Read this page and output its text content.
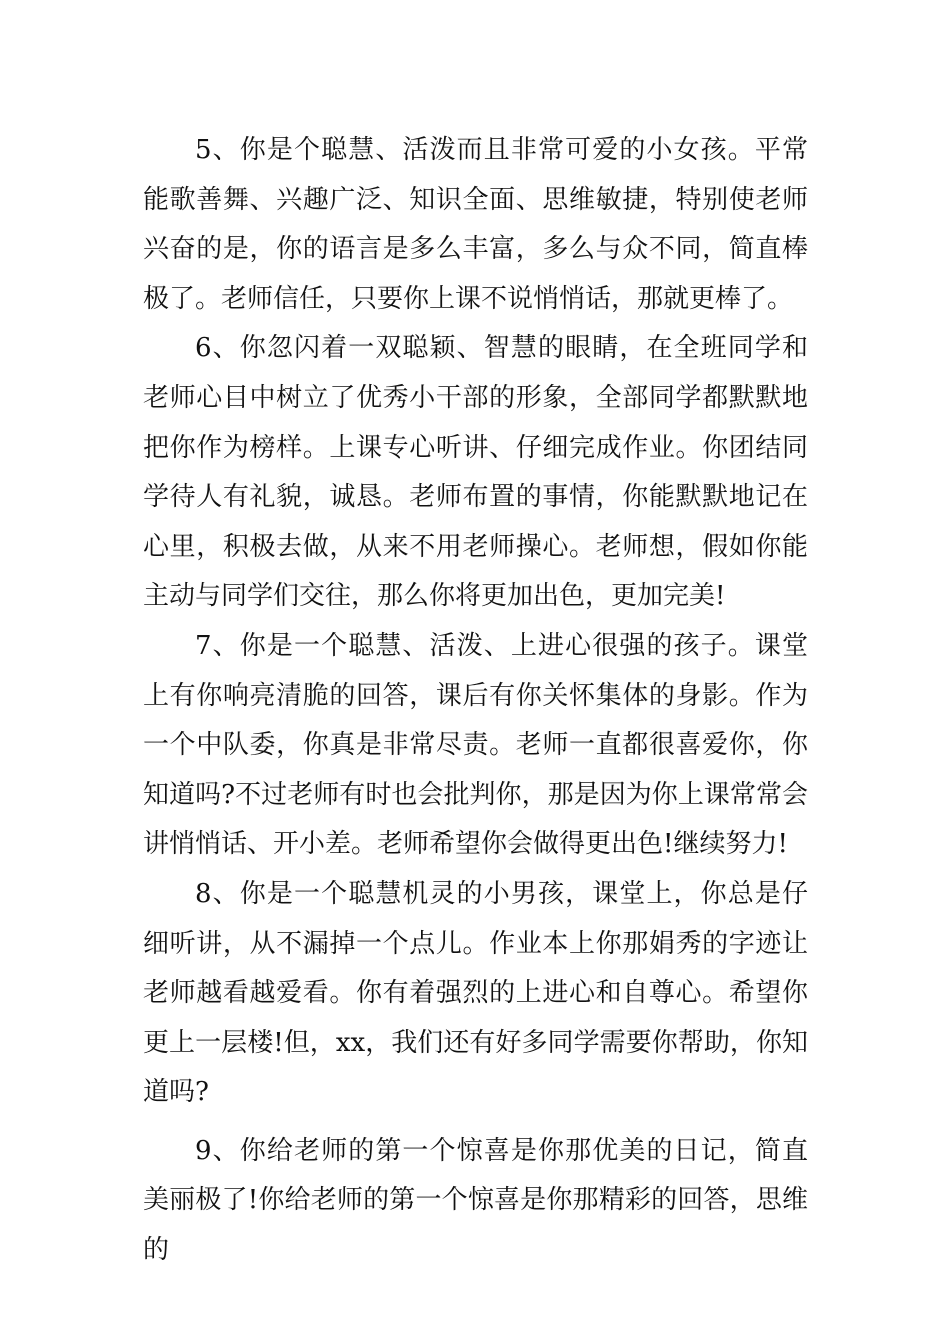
5、你是个聪慧、活泼而且非常可爱的小女孩。平常能歌善舞、兴趣广泛、知识全面、思维敏捷，特别使老师兴奋的是，你的语言是多么丰富，多么与众不同，简直棒极了。老师信任，只要你上课不说悄悄话，那就更棒了。

6、你忽闪着一双聪颖、智慧的眼睛，在全班同学和老师心目中树立了优秀小干部的形象，全部同学都默默地把你作为榜样。上课专心听讲、仔细完成作业。你团结同学待人有礼貌，诚恳。老师布置的事情，你能默默地记在心里，积极去做，从来不用老师操心。老师想，假如你能主动与同学们交往，那么你将更加出色，更加完美!

7、你是一个聪慧、活泼、上进心很强的孩子。课堂上有你响亮清脆的回答，课后有你关怀集体的身影。作为一个中队委，你真是非常尽责。老师一直都很喜爱你，你知道吗?不过老师有时也会批判你，那是因为你上课常常会讲悄悄话、开小差。老师希望你会做得更出色!继续努力!

8、你是一个聪慧机灵的小男孩，课堂上，你总是仔细听讲，从不漏掉一个点儿。作业本上你那娟秀的字迹让老师越看越爱看。你有着强烈的上进心和自尊心。希望你更上一层楼!但，xx，我们还有好多同学需要你帮助，你知道吗?

9、你给老师的第一个惊喜是你那优美的日记，简直美丽极了!你给老师的第一个惊喜是你那精彩的回答，思维的
